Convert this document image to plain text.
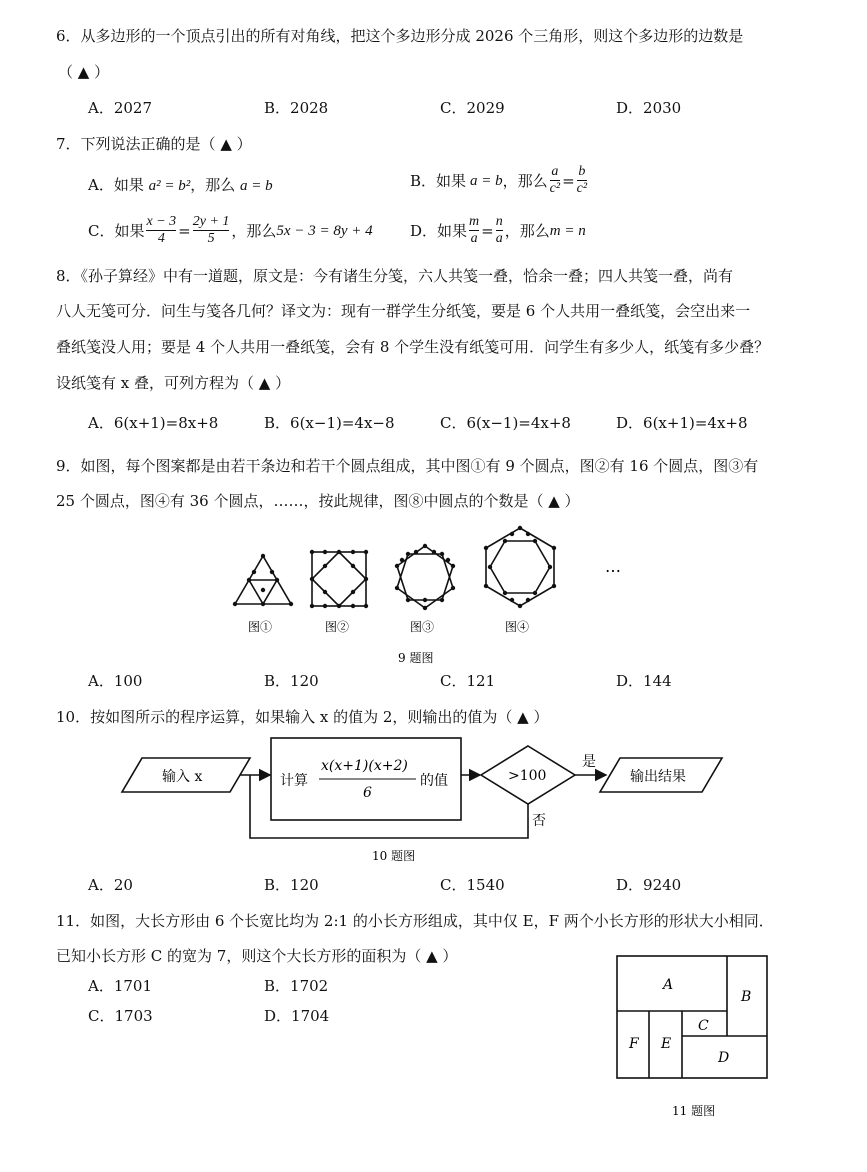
6．从多边形的一个顶点引出的所有对角线，把这个多边形分成 2026 个三角形，则这个多边形的边数是
（ ▲ ）
A．2027	B．2028	C．2029	D．2030
7．下列说法正确的是（ ▲ ）
A．如果 a² = b²，那么 a = b	B．如果 a = b ，那么 $\frac{a}{\text{c²}} = \frac{b}{\text{c²}}$
C．如果 $\frac{x - 3}{4} = \frac{2y + 1}{5}$ ，那么 5x − 3 = 8y + 4 D．如果 $\frac{m}{a} = \frac{n}{a}$ ，那么 m = n
8．《孙子算经》中有一道题，原文是：今有诸生分笺，六人共笺一叠，恰余一叠；四人共笺一叠，尚有
八人无笺可分．问生与笺各几何？译文为：现有一群学生分纸笺，要是 6 个人共用一叠纸笺，会空出来一
叠纸笺没人用；要是 4 个人共用一叠纸笺，会有 8 个学生没有纸笺可用．问学生有多少人，纸笺有多少叠？
设纸笺有 x 叠，可列方程为（ ▲ ）
A．6(x+1)=8x+8	B．6(x−1)=4x−8	C．6(x−1)=4x+8	D．6(x+1)=4x+8
9．如图，每个图案都是由若干条边和若干个圆点组成，其中图①有 9 个圆点，图②有 16 个圆点，图③有
25 个圆点，图④有 36 个圆点，……，按此规律，图⑧中圆点的个数是（ ▲ ）
…
图①	图②	图③	图④
9 题图
A．100	B．120	C．121	D．144
10．按如图所示的程序运算，如果输入 x 的值为 2，则输出的值为（ ▲ ）
输入 x	计算
x(x+1)(x+2)
6
的值	>100
是
否
输出结果
10 题图
A．20	B．120	C．1540	D．9240
11．如图，大长方形由 6 个长宽比均为 2:1 的小长方形组成，其中仅 E，F 两个小长方形的形状大小相同．
已知小长方形 C 的宽为 7，则这个大长方形的面积为（ ▲ ）
A．1701	B．1702
C．1703	D．1704
A
B
C
D
E
F
11 题图
